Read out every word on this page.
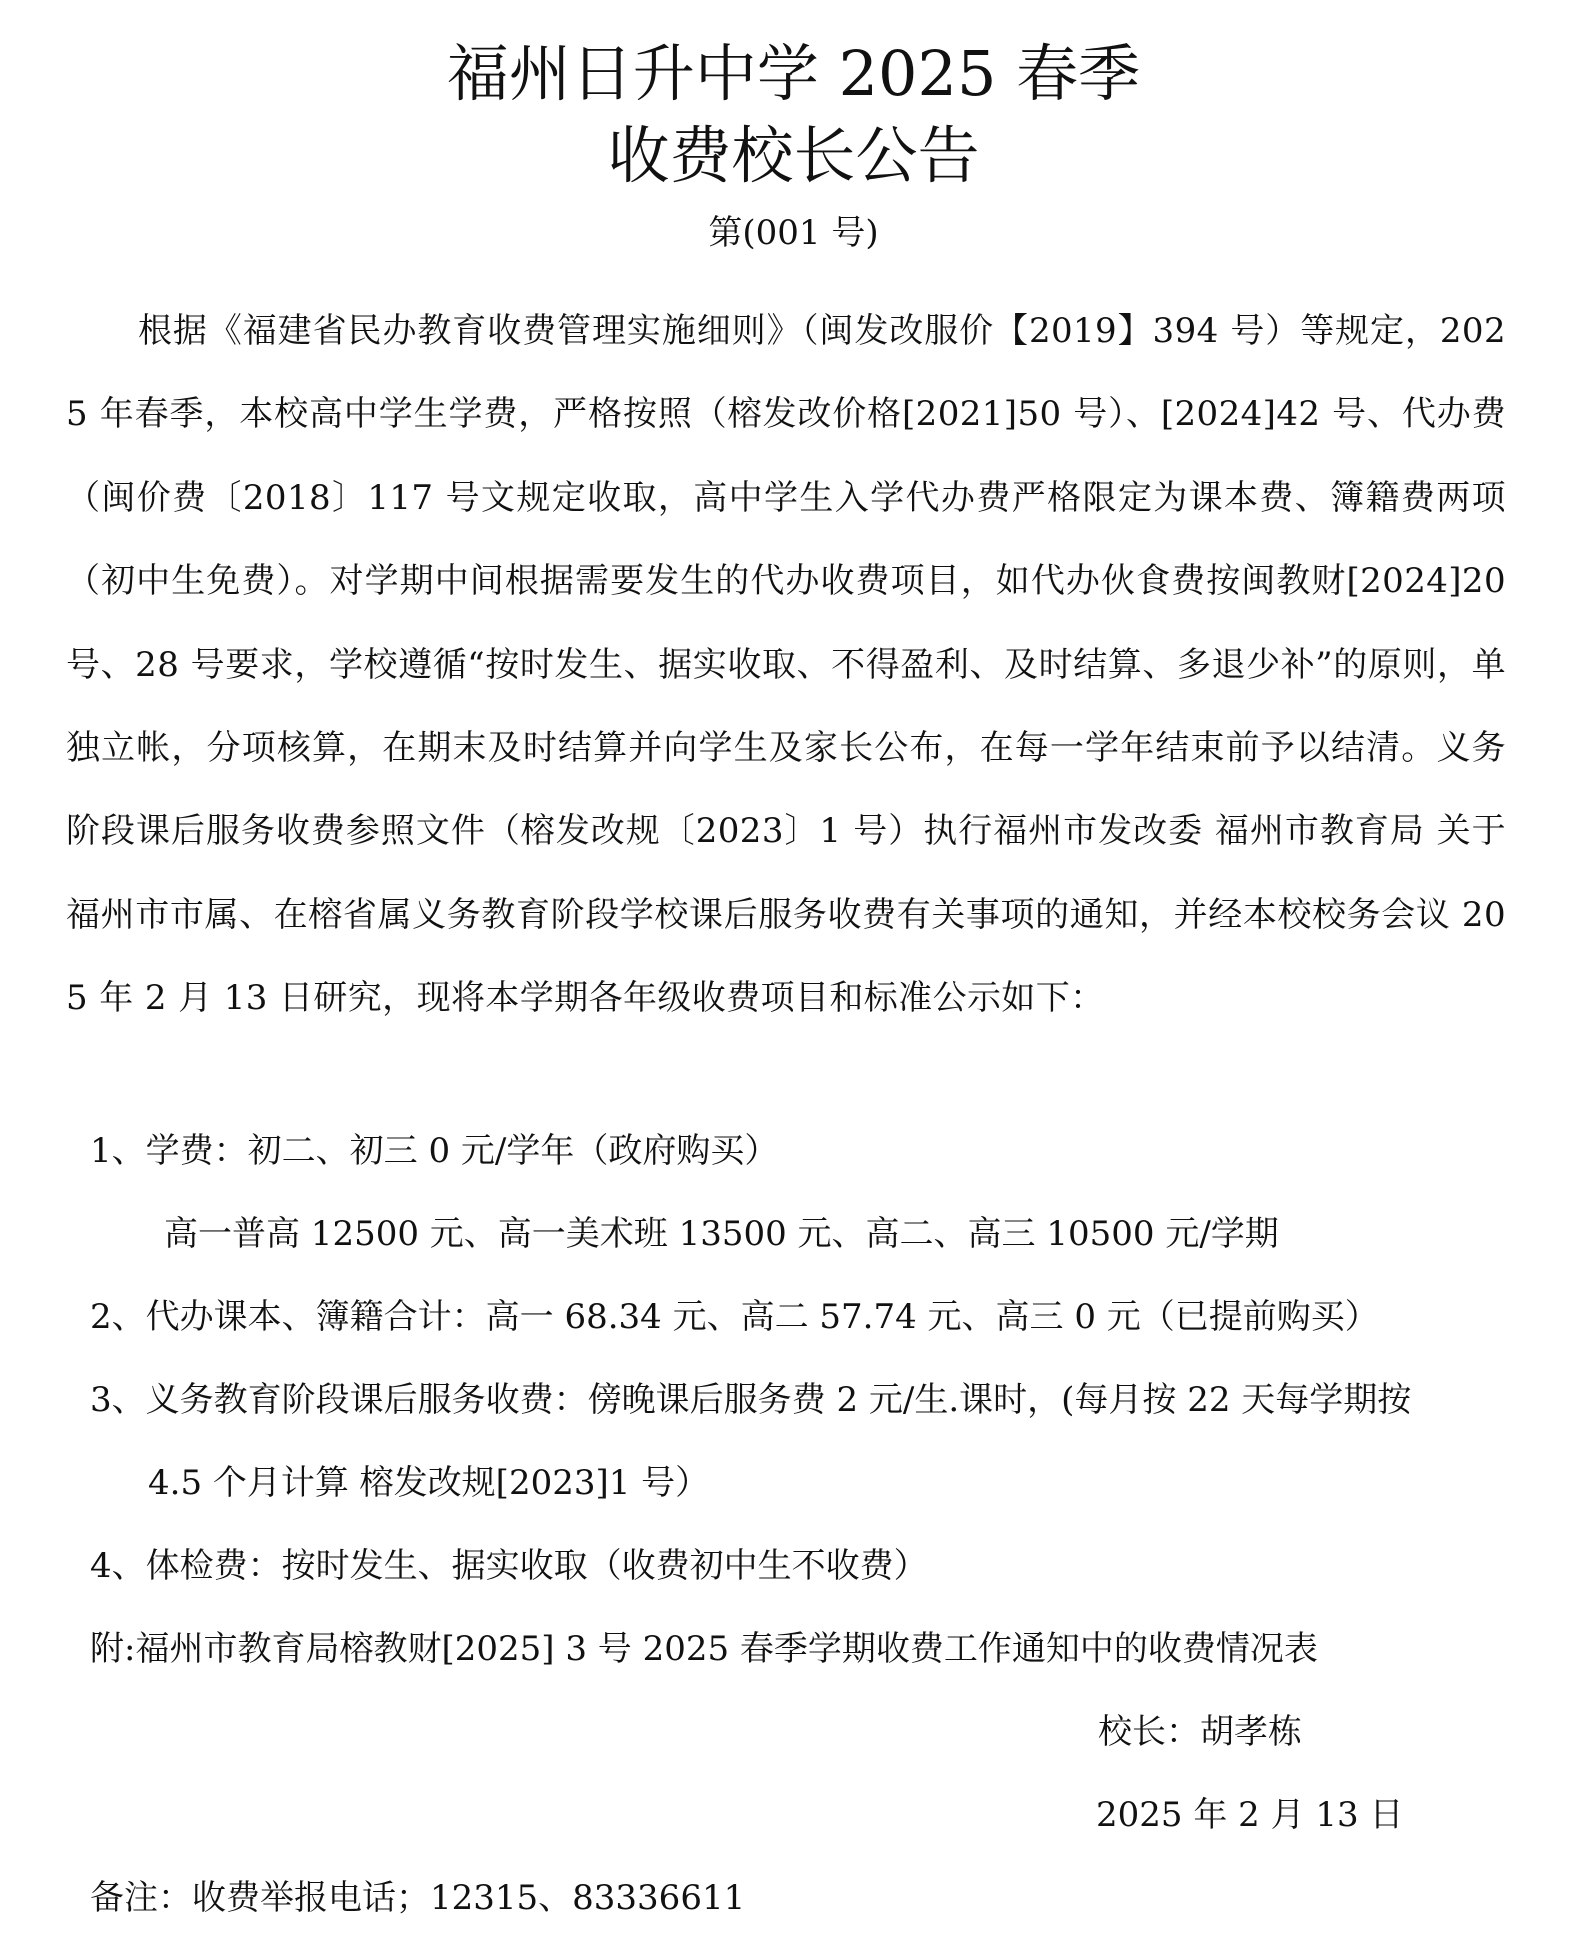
福州日升中学 2025 春季
收费校长公告
第(001 号)

根据《福建省民办教育收费管理实施细则》（闽发改服价【2019】394 号）等规定，2025 年春季，本校高中学生学费，严格按照（榕发改价格[2021]50 号）、[2024]42 号、代办费（闽价费〔2018〕117 号文规定收取，高中学生入学代办费严格限定为课本费、簿籍费两项（初中生免费）。对学期中间根据需要发生的代办收费项目，如代办伙食费按闽教财[2024]20 号、28 号要求，学校遵循“按时发生、据实收取、不得盈利、及时结算、多退少补”的原则，单独立帐，分项核算，在期末及时结算并向学生及家长公布，在每一学年结束前予以结清。义务阶段课后服务收费参照文件（榕发改规〔2023〕1 号）执行福州市发改委 福州市教育局 关于福州市市属、在榕省属义务教育阶段学校课后服务收费有关事项的通知，并经本校校务会议 205 年 2 月 13 日研究，现将本学期各年级收费项目和标准公示如下：

1、学费：初二、初三 0 元/学年（政府购买）
高一普高 12500 元、高一美术班 13500 元、高二、高三 10500 元/学期
2、代办课本、簿籍合计：高一 68.34 元、高二 57.74 元、高三 0 元（已提前购买）
3、义务教育阶段课后服务收费：傍晚课后服务费 2 元/生.课时，(每月按 22 天每学期按
4.5 个月计算 榕发改规[2023]1 号）
4、体检费：按时发生、据实收取（收费初中生不收费）
附:福州市教育局榕教财[2025] 3 号 2025 春季学期收费工作通知中的收费情况表
校长：胡孝栋
2025 年 2 月 13 日
备注：收费举报电话；12315、83336611
